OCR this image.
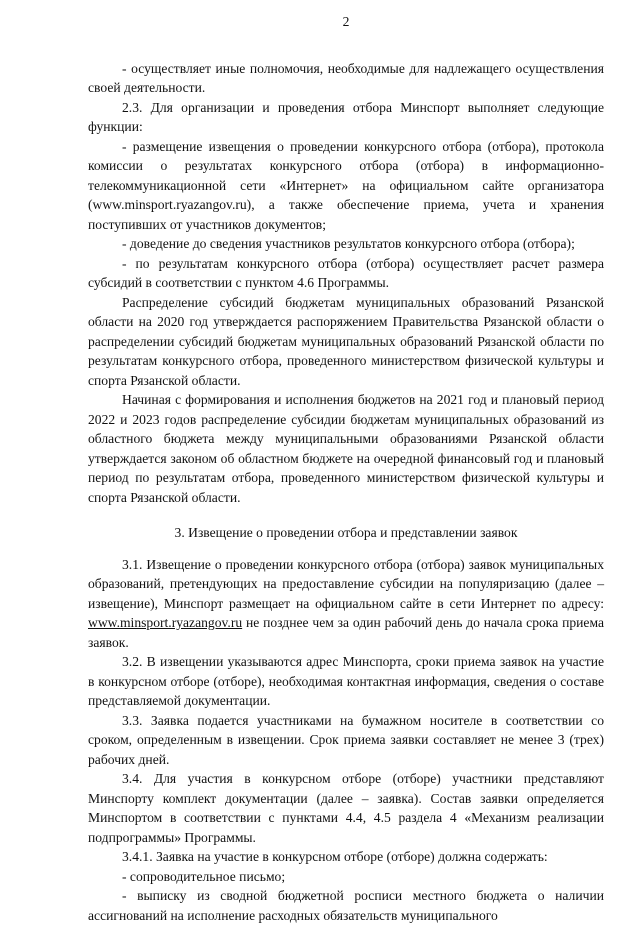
2

- осуществляет иные полномочия, необходимые для надлежащего осуществления своей деятельности.

2.3. Для организации и проведения отбора Минспорт выполняет следующие функции:

- размещение извещения о проведении конкурсного отбора (отбора), протокола комиссии о результатах конкурсного отбора (отбора) в информационно-телекоммуникационной сети «Интернет» на официальном сайте организатора (www.minsport.ryazangov.ru), а также обеспечение приема, учета и хранения поступивших от участников документов;

- доведение до сведения участников результатов конкурсного отбора (отбора);

- по результатам конкурсного отбора (отбора) осуществляет расчет размера субсидий в соответствии с пунктом 4.6 Программы.

Распределение субсидий бюджетам муниципальных образований Рязанской области на 2020 год утверждается распоряжением Правительства Рязанской области о распределении субсидий бюджетам муниципальных образований Рязанской области по результатам конкурсного отбора, проведенного министерством физической культуры и спорта Рязанской области.

Начиная с формирования и исполнения бюджетов на 2021 год и плановый период 2022 и 2023 годов распределение субсидии бюджетам муниципальных образований из областного бюджета между муниципальными образованиями Рязанской области утверждается законом об областном бюджете на очередной финансовый год и плановый период по результатам отбора, проведенного министерством физической культуры и спорта Рязанской области.

3. Извещение о проведении отбора и представлении заявок

3.1. Извещение о проведении конкурсного отбора (отбора) заявок муниципальных образований, претендующих на предоставление субсидии на популяризацию (далее – извещение), Минспорт размещает на официальном сайте в сети Интернет по адресу: www.minsport.ryazangov.ru не позднее чем за один рабочий день до начала срока приема заявок.

3.2. В извещении указываются адрес Минспорта, сроки приема заявок на участие в конкурсном отборе (отборе), необходимая контактная информация, сведения о составе представляемой документации.

3.3. Заявка подается участниками на бумажном носителе в соответствии со сроком, определенным в извещении. Срок приема заявки составляет не менее 3 (трех) рабочих дней.

3.4. Для участия в конкурсном отборе (отборе) участники представляют Минспорту комплект документации (далее – заявка). Состав заявки определяется Минспортом в соответствии с пунктами 4.4, 4.5 раздела 4 «Механизм реализации подпрограммы» Программы.

3.4.1. Заявка на участие в конкурсном отборе (отборе) должна содержать:

- сопроводительное письмо;

- выписку из сводной бюджетной росписи местного бюджета о наличии ассигнований на исполнение расходных обязательств муниципального
